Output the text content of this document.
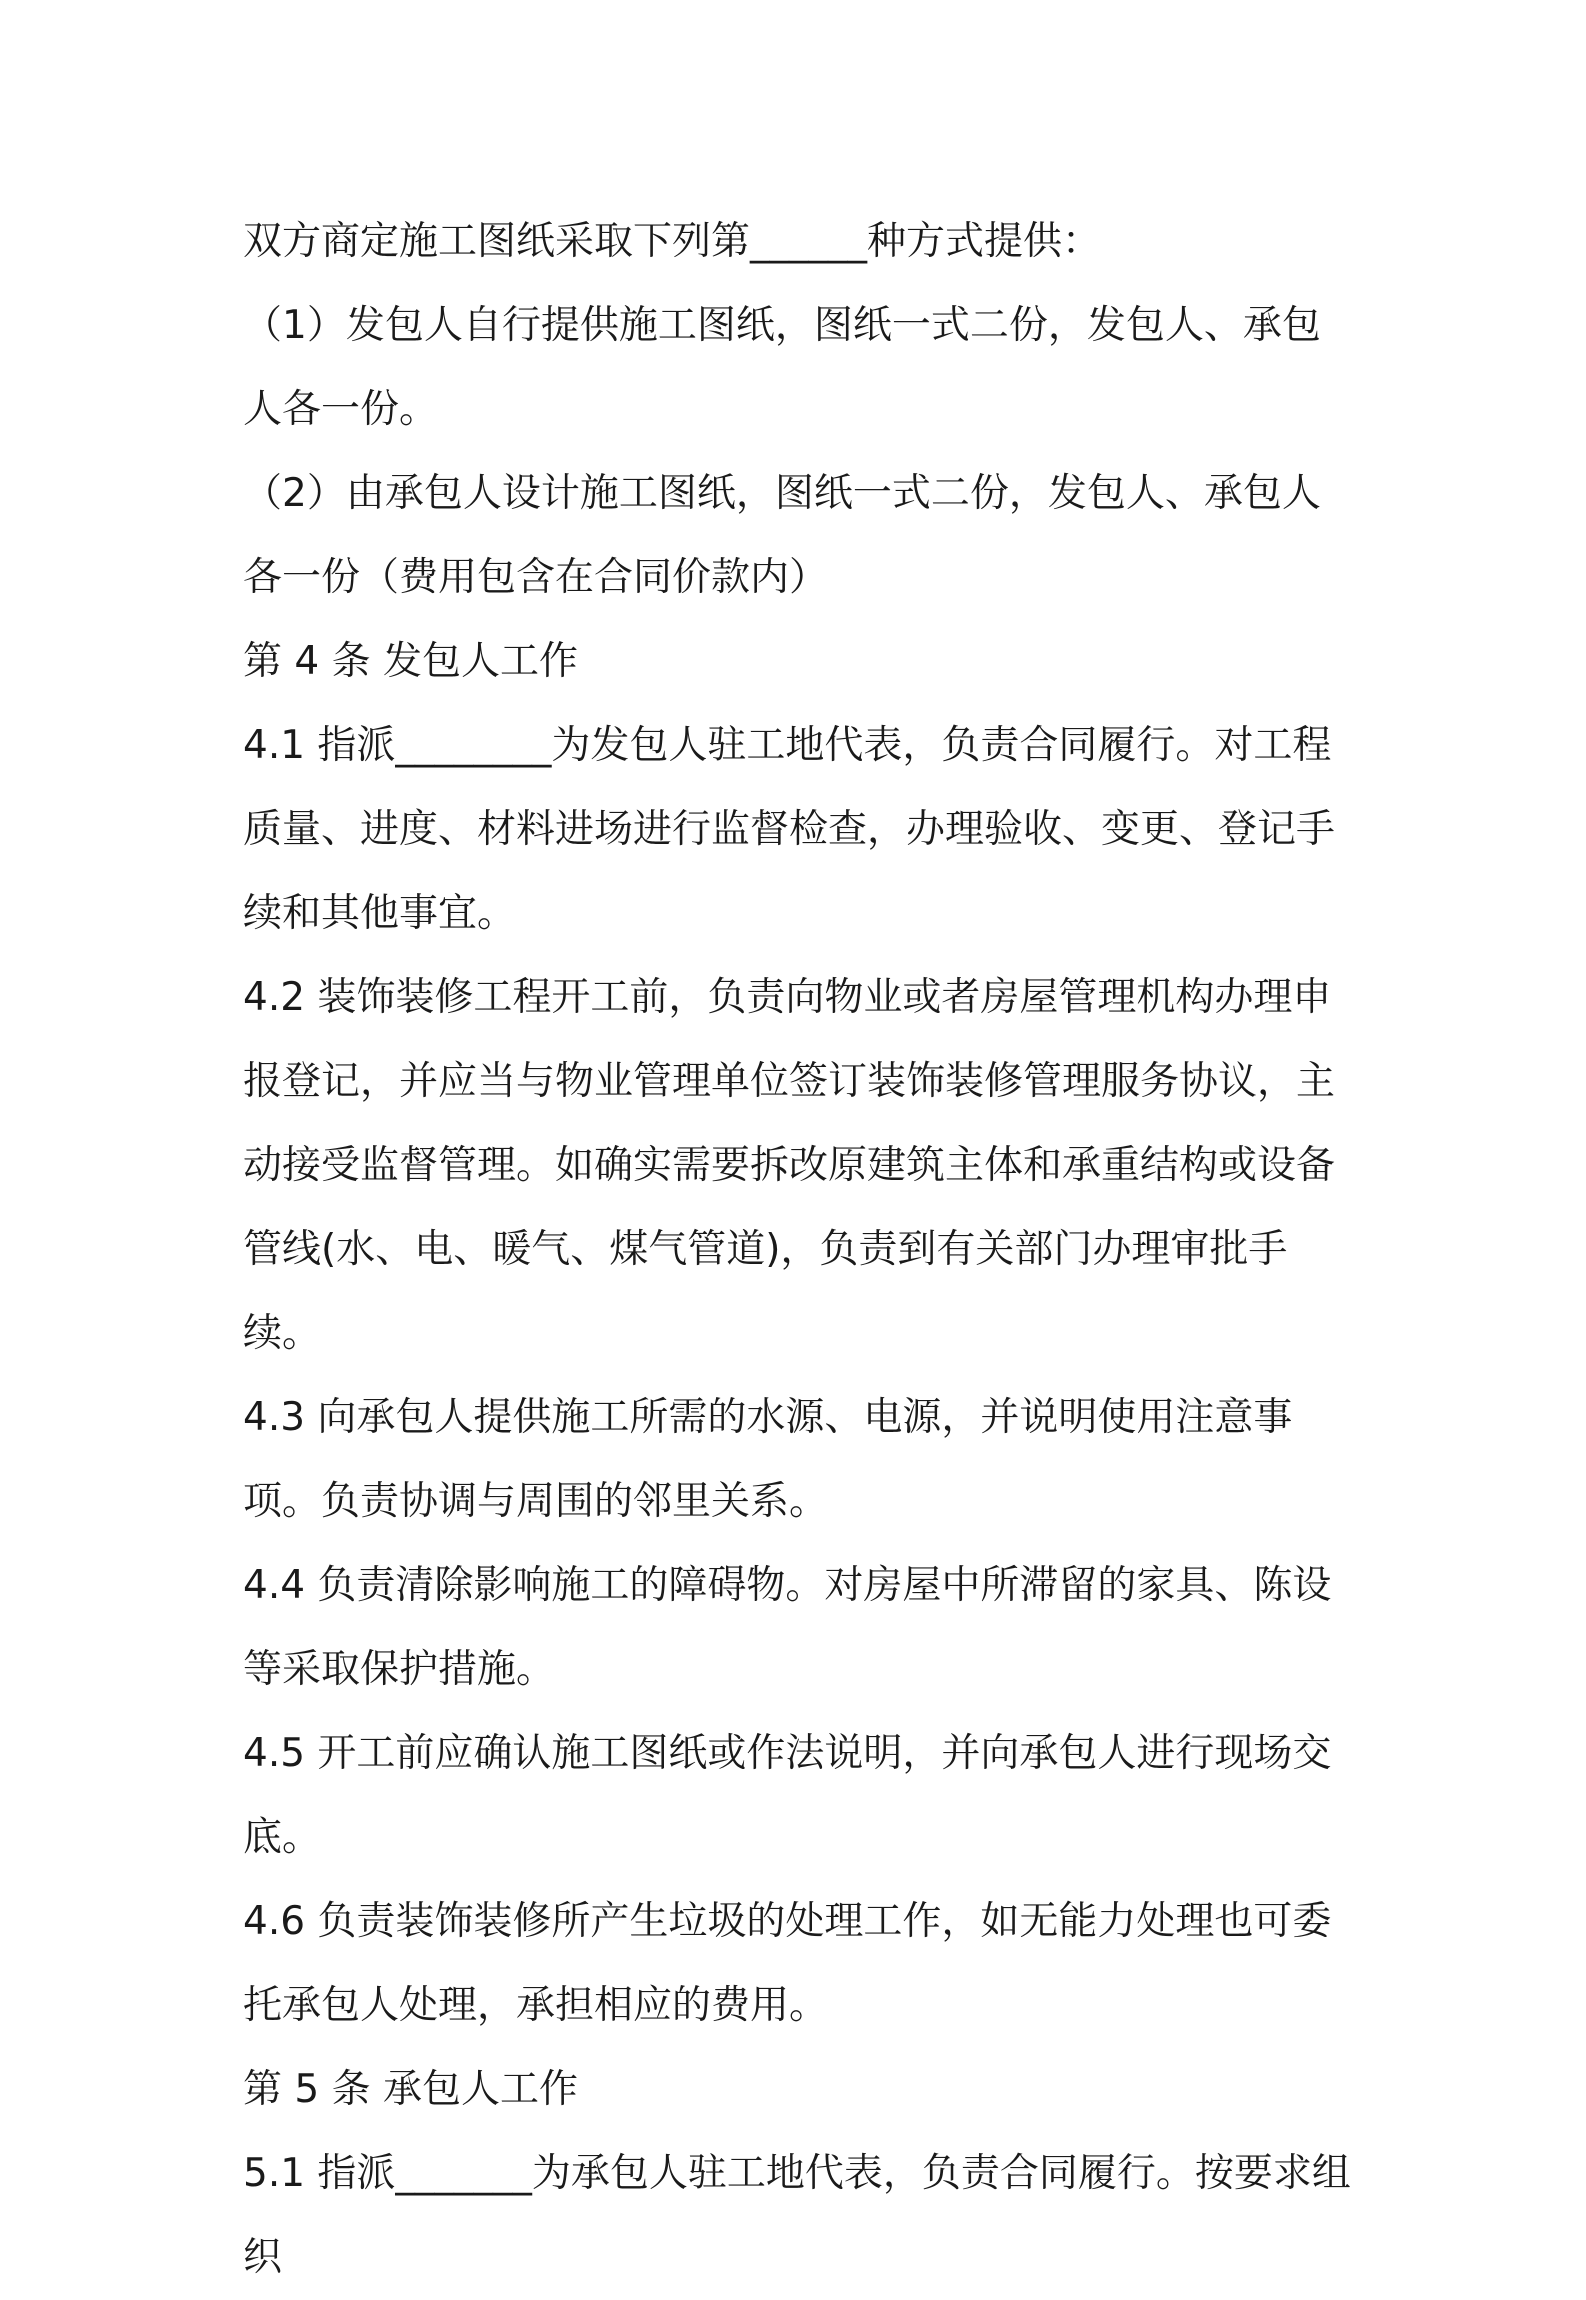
双方商定施工图纸采取下列第______种方式提供：

（1）发包人自行提供施工图纸，图纸一式二份，发包人、承包人各一份。

（2）由承包人设计施工图纸，图纸一式二份，发包人、承包人各一份（费用包含在合同价款内）

第 4 条 发包人工作

4.1 指派________为发包人驻工地代表，负责合同履行。对工程质量、进度、材料进场进行监督检查，办理验收、变更、登记手续和其他事宜。

4.2 装饰装修工程开工前，负责向物业或者房屋管理机构办理申报登记，并应当与物业管理单位签订装饰装修管理服务协议，主动接受监督管理。如确实需要拆改原建筑主体和承重结构或设备管线(水、电、暖气、煤气管道)，负责到有关部门办理审批手续。

4.3 向承包人提供施工所需的水源、电源，并说明使用注意事项。负责协调与周围的邻里关系。

4.4 负责清除影响施工的障碍物。对房屋中所滞留的家具、陈设等采取保护措施。

4.5 开工前应确认施工图纸或作法说明，并向承包人进行现场交底。

4.6 负责装饰装修所产生垃圾的处理工作，如无能力处理也可委托承包人处理，承担相应的费用。

第 5 条 承包人工作

5.1 指派_______为承包人驻工地代表，负责合同履行。按要求组织
